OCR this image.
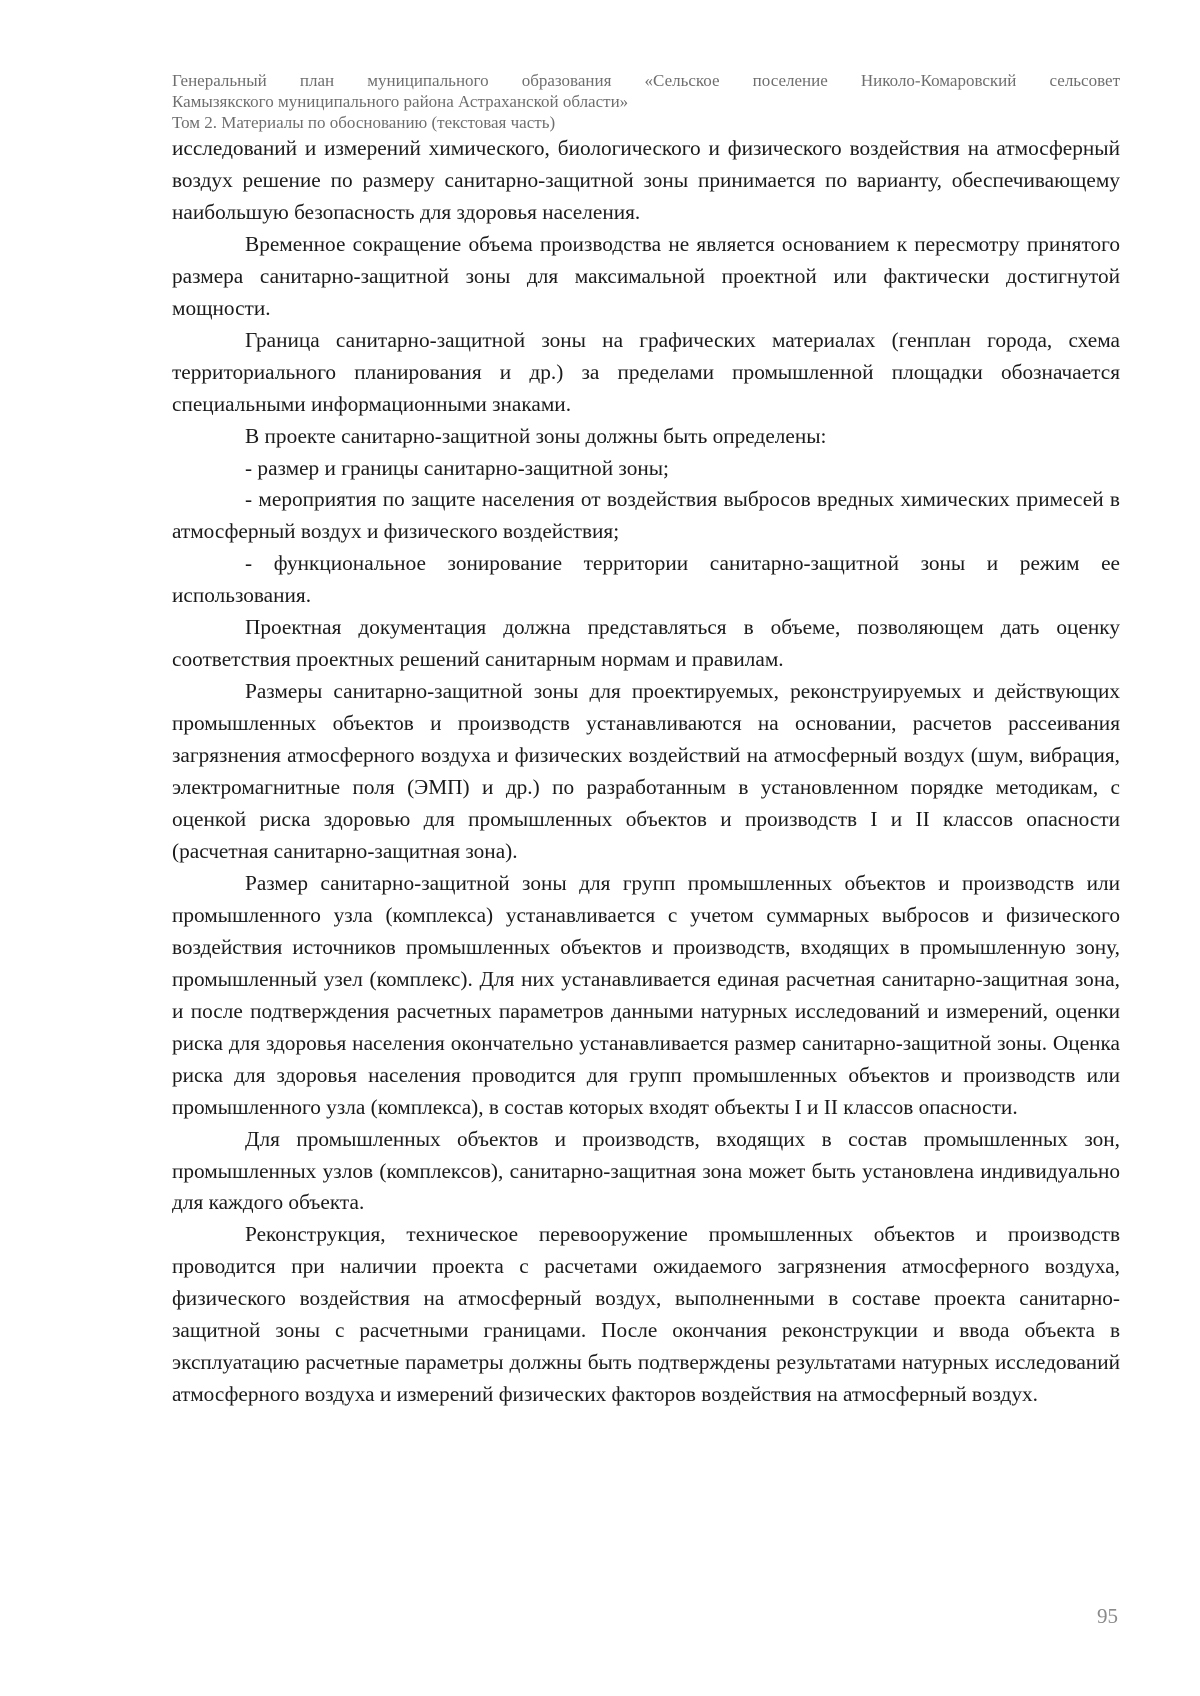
Генеральный план муниципального образования «Сельское поселение Николо-Комаровский сельсовет
Камызякского муниципального района Астраханской области»
Том 2. Материалы по обоснованию (текстовая часть)

исследований и измерений химического, биологического и физического воздействия на атмосферный воздух решение по размеру санитарно-защитной зоны принимается по варианту, обеспечивающему наибольшую безопасность для здоровья населения.

Временное сокращение объема производства не является основанием к пересмотру принятого размера санитарно-защитной зоны для максимальной проектной или фактически достигнутой мощности.

Граница санитарно-защитной зоны на графических материалах (генплан города, схема территориального планирования и др.) за пределами промышленной площадки обозначается специальными информационными знаками.

В проекте санитарно-защитной зоны должны быть определены:

- размер и границы санитарно-защитной зоны;

- мероприятия по защите населения от воздействия выбросов вредных химических примесей в атмосферный воздух и физического воздействия;

- функциональное зонирование территории санитарно-защитной зоны и режим ее использования.

Проектная документация должна представляться в объеме, позволяющем дать оценку соответствия проектных решений санитарным нормам и правилам.

Размеры санитарно-защитной зоны для проектируемых, реконструируемых и действующих промышленных объектов и производств устанавливаются на основании, расчетов рассеивания загрязнения атмосферного воздуха и физических воздействий на атмосферный воздух (шум, вибрация, электромагнитные поля (ЭМП) и др.) по разработанным в установленном порядке методикам, с оценкой риска здоровью для промышленных объектов и производств I и II классов опасности (расчетная санитарно-защитная зона).

Размер санитарно-защитной зоны для групп промышленных объектов и производств или промышленного узла (комплекса) устанавливается с учетом суммарных выбросов и физического воздействия источников промышленных объектов и производств, входящих в промышленную зону, промышленный узел (комплекс). Для них устанавливается единая расчетная санитарно-защитная зона, и после подтверждения расчетных параметров данными натурных исследований и измерений, оценки риска для здоровья населения окончательно устанавливается размер санитарно-защитной зоны. Оценка риска для здоровья населения проводится для групп промышленных объектов и производств или промышленного узла (комплекса), в состав которых входят объекты I и II классов опасности.

Для промышленных объектов и производств, входящих в состав промышленных зон, промышленных узлов (комплексов), санитарно-защитная зона может быть установлена индивидуально для каждого объекта.

Реконструкция, техническое перевооружение промышленных объектов и производств проводится при наличии проекта с расчетами ожидаемого загрязнения атмосферного воздуха, физического воздействия на атмосферный воздух, выполненными в составе проекта санитарно-защитной зоны с расчетными границами. После окончания реконструкции и ввода объекта в эксплуатацию расчетные параметры должны быть подтверждены результатами натурных исследований атмосферного воздуха и измерений физических факторов воздействия на атмосферный воздух.

95
